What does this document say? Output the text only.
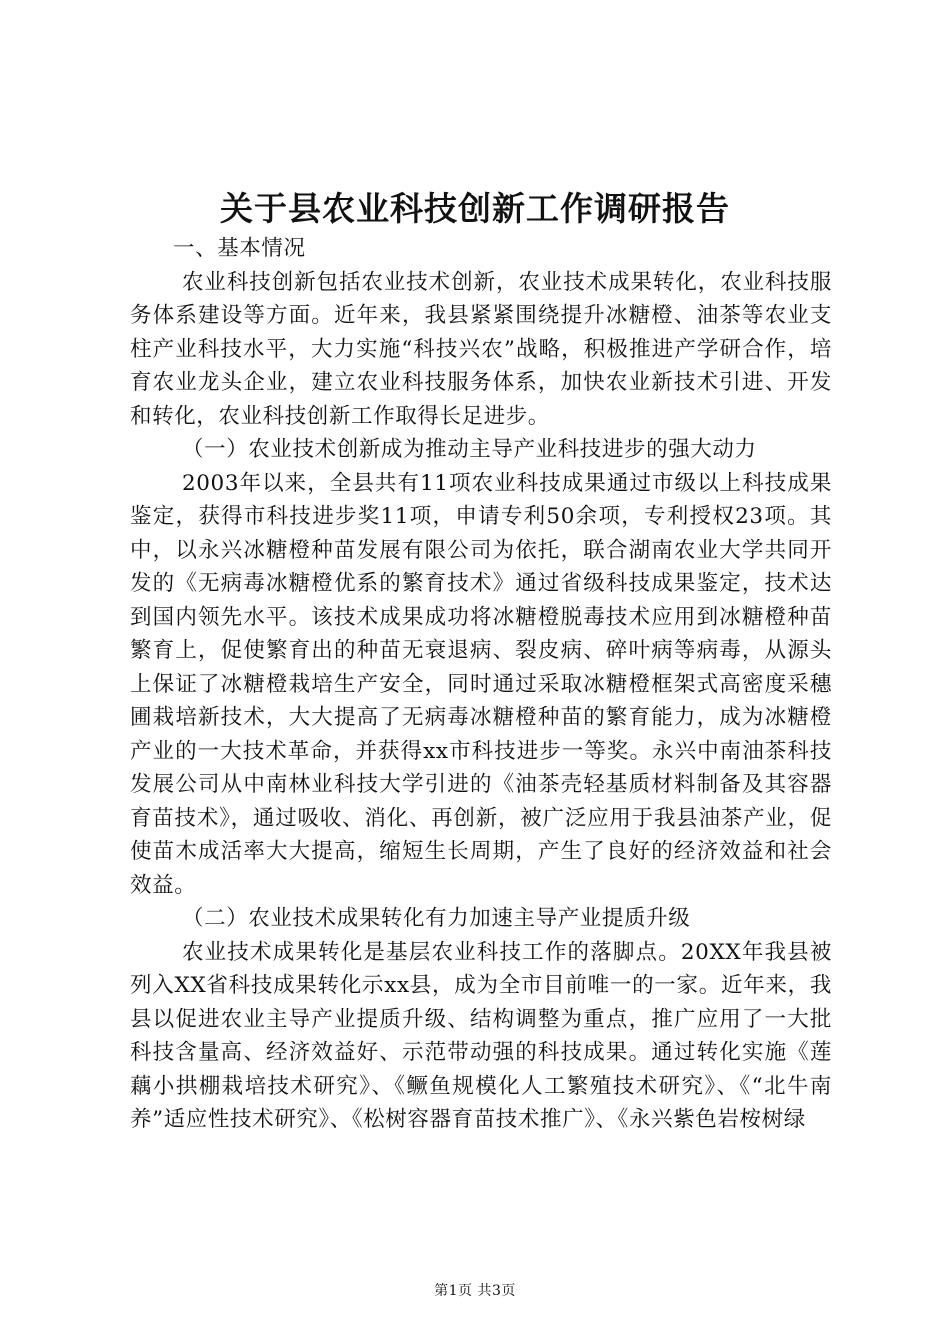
关于县农业科技创新工作调研报告

一、基本情况

农业科技创新包括农业技术创新，农业技术成果转化，农业科技服务体系建设等方面。近年来，我县紧紧围绕提升冰糖橙、油茶等农业支柱产业科技水平，大力实施“科技兴农”战略，积极推进产学研合作，培育农业龙头企业，建立农业科技服务体系，加快农业新技术引进、开发和转化，农业科技创新工作取得长足进步。

（一）农业技术创新成为推动主导产业科技进步的强大动力

2003年以来，全县共有11项农业科技成果通过市级以上科技成果鉴定，获得市科技进步奖11项，申请专利50余项，专利授权23项。其中，以永兴冰糖橙种苗发展有限公司为依托，联合湖南农业大学共同开发的《无病毒冰糖橙优系的繁育技术》通过省级科技成果鉴定，技术达到国内领先水平。该技术成果成功将冰糖橙脱毒技术应用到冰糖橙种苗繁育上，促使繁育出的种苗无衰退病、裂皮病、碎叶病等病毒，从源头上保证了冰糖橙栽培生产安全，同时通过采取冰糖橙框架式高密度采穗圃栽培新技术，大大提高了无病毒冰糖橙种苗的繁育能力，成为冰糖橙产业的一大技术革命，并获得xx市科技进步一等奖。永兴中南油茶科技发展公司从中南林业科技大学引进的《油茶壳轻基质材料制备及其容器育苗技术》，通过吸收、消化、再创新，被广泛应用于我县油茶产业，促使苗木成活率大大提高，缩短生长周期，产生了良好的经济效益和社会效益。

（二）农业技术成果转化有力加速主导产业提质升级

农业技术成果转化是基层农业科技工作的落脚点。20XX年我县被列入XX省科技成果转化示xx县，成为全市目前唯一的一家。近年来，我县以促进农业主导产业提质升级、结构调整为重点，推广应用了一大批科技含量高、经济效益好、示范带动强的科技成果。通过转化实施《莲藕小拱棚栽培技术研究》、《鳜鱼规模化人工繁殖技术研究》、《“北牛南养”适应性技术研究》、《松树容器育苗技术推广》、《永兴紫色岩桉树绿

第1页 共3页
